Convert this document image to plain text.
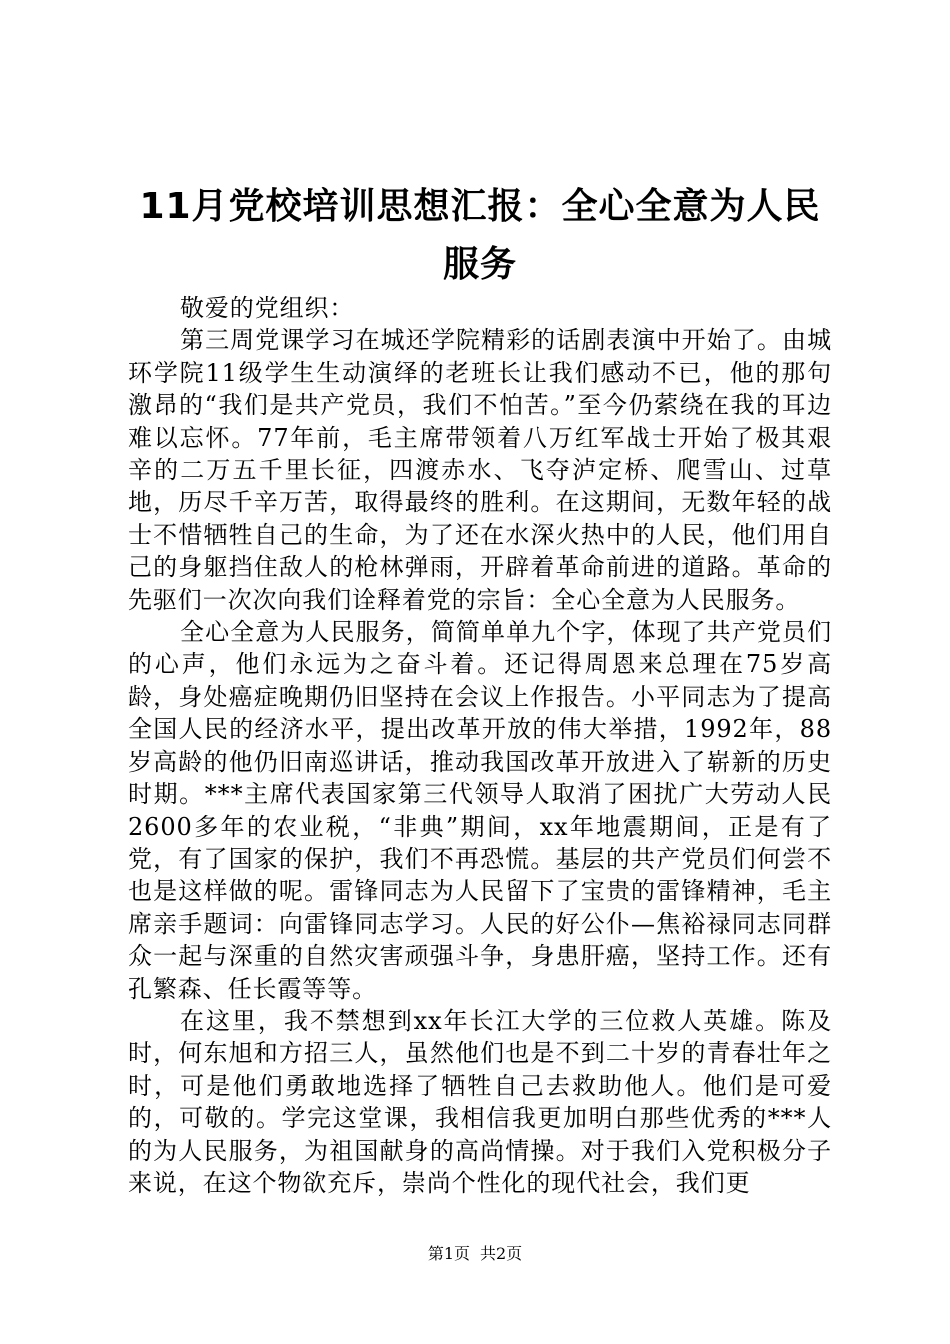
11月党校培训思想汇报：全心全意为人民服务

敬爱的党组织：

第三周党课学习在城还学院精彩的话剧表演中开始了。由城环学院11级学生生动演绎的老班长让我们感动不已，他的那句激昂的“我们是共产党员，我们不怕苦。”至今仍萦绕在我的耳边难以忘怀。77年前，毛主席带领着八万红军战士开始了极其艰辛的二万五千里长征，四渡赤水、飞夺泸定桥、爬雪山、过草地，历尽千辛万苦，取得最终的胜利。在这期间，无数年轻的战士不惜牺牲自己的生命，为了还在水深火热中的人民，他们用自己的身躯挡住敌人的枪林弹雨，开辟着革命前进的道路。革命的先驱们一次次向我们诠释着党的宗旨：全心全意为人民服务。

全心全意为人民服务，简简单单九个字，体现了共产党员们的心声，他们永远为之奋斗着。还记得周恩来总理在75岁高龄，身处癌症晚期仍旧坚持在会议上作报告。小平同志为了提高全国人民的经济水平，提出改革开放的伟大举措，1992年，88岁高龄的他仍旧南巡讲话，推动我国改革开放进入了崭新的历史时期。***主席代表国家第三代领导人取消了困扰广大劳动人民2600多年的农业税，“非典”期间，xx年地震期间，正是有了党，有了国家的保护，我们不再恐慌。基层的共产党员们何尝不也是这样做的呢。雷锋同志为人民留下了宝贵的雷锋精神，毛主席亲手题词：向雷锋同志学习。人民的好公仆—焦裕禄同志同群众一起与深重的自然灾害顽强斗争，身患肝癌，坚持工作。还有孔繁森、任长霞等等。

在这里，我不禁想到xx年长江大学的三位救人英雄。陈及时，何东旭和方招三人，虽然他们也是不到二十岁的青春壮年之时，可是他们勇敢地选择了牺牲自己去救助他人。他们是可爱的，可敬的。学完这堂课，我相信我更加明白那些优秀的***人的为人民服务，为祖国献身的高尚情操。对于我们入党积极分子来说，在这个物欲充斥，崇尚个性化的现代社会，我们更

第1页 共2页
